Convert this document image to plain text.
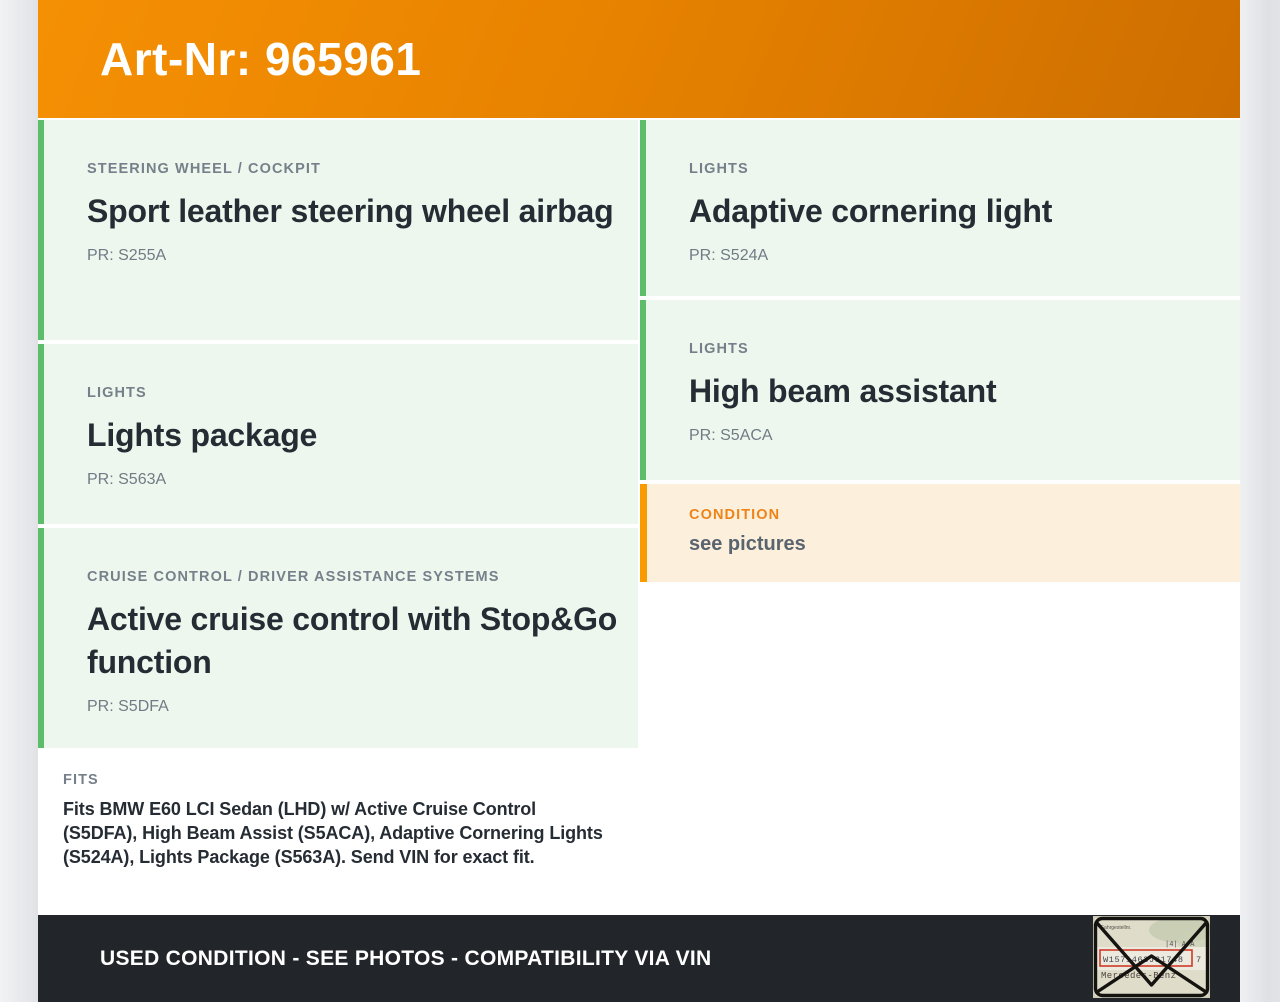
Art-Nr: 965961
STEERING WHEEL / COCKPIT
Sport leather steering wheel airbag
PR: S255A
LIGHTS
Lights package
PR: S563A
CRUISE CONTROL / DRIVER ASSISTANCE SYSTEMS
Active cruise control with Stop&Go function
PR: S5DFA
FITS
Fits BMW E60 LCI Sedan (LHD) w/ Active Cruise Control (S5DFA), High Beam Assist (S5ACA), Adaptive Cornering Lights (S524A), Lights Package (S563A). Send VIN for exact fit.
LIGHTS
Adaptive cornering light
PR: S524A
LIGHTS
High beam assistant
PR: S5ACA
CONDITION
see pictures
USED CONDITION - SEE PHOTOS - COMPATIBILITY VIA VIN
Fahrgestellnr.
|4| A/A
W1571463J31748 7
Mercedes-Benz
